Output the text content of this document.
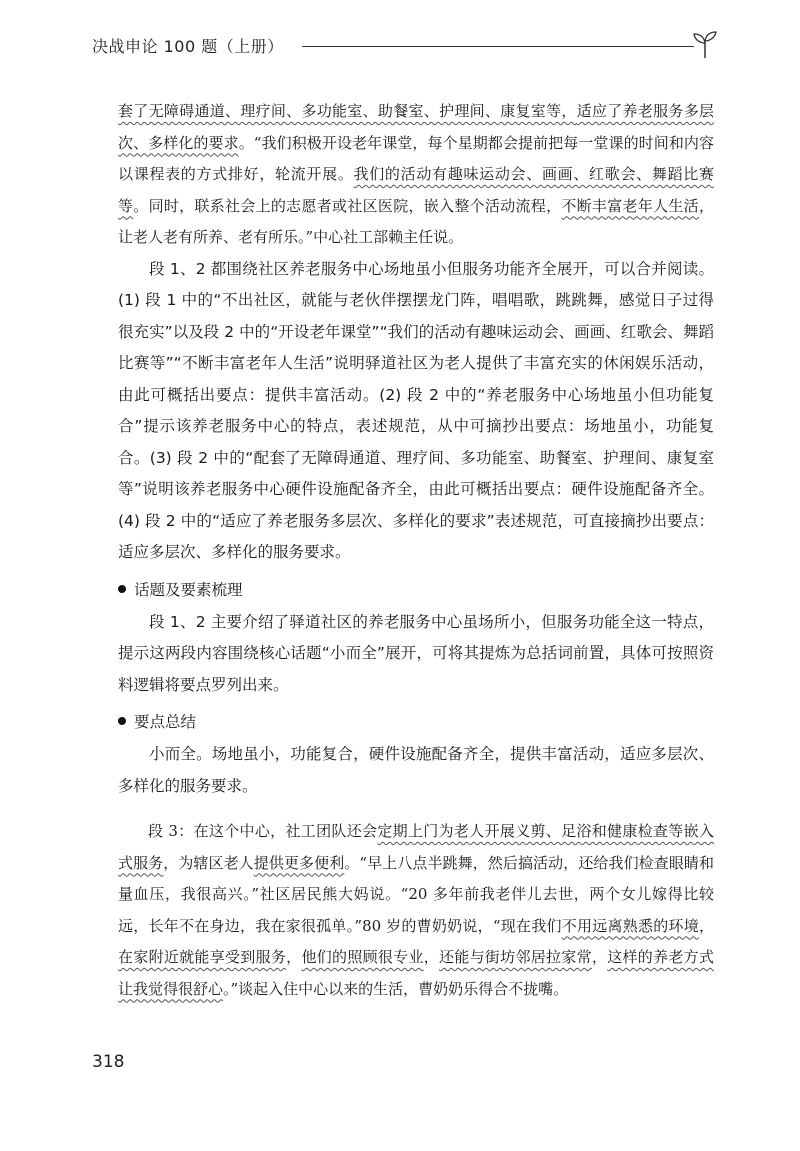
决战申论 100 题（上册）

套了无障碍通道、理疗间、多功能室、助餐室、护理间、康复室等，适应了养老服务多层次、多样化的要求。“我们积极开设老年课堂，每个星期都会提前把每一堂课的时间和内容以课程表的方式排好，轮流开展。我们的活动有趣味运动会、画画、红歌会、舞蹈比赛等。同时，联系社会上的志愿者或社区医院，嵌入整个活动流程，不断丰富老年人生活，让老人老有所养、老有所乐。”中心社工部赖主任说。

段 1、2 都围绕社区养老服务中心场地虽小但服务功能齐全展开，可以合并阅读。(1) 段 1 中的“不出社区，就能与老伙伴摆摆龙门阵，唱唱歌，跳跳舞，感觉日子过得很充实”以及段 2 中的“开设老年课堂”“我们的活动有趣味运动会、画画、红歌会、舞蹈比赛等”“不断丰富老年人生活”说明驿道社区为老人提供了丰富充实的休闲娱乐活动，由此可概括出要点：提供丰富活动。(2) 段 2 中的“养老服务中心场地虽小但功能复合”提示该养老服务中心的特点，表述规范，从中可摘抄出要点：场地虽小，功能复合。(3) 段 2 中的“配套了无障碍通道、理疗间、多功能室、助餐室、护理间、康复室等”说明该养老服务中心硬件设施配备齐全，由此可概括出要点：硬件设施配备齐全。(4) 段 2 中的“适应了养老服务多层次、多样化的要求”表述规范，可直接摘抄出要点：适应多层次、多样化的服务要求。

话题及要素梳理

段 1、2 主要介绍了驿道社区的养老服务中心虽场所小，但服务功能全这一特点，提示这两段内容围绕核心话题“小而全”展开，可将其提炼为总括词前置，具体可按照资料逻辑将要点罗列出来。

要点总结

小而全。场地虽小，功能复合，硬件设施配备齐全，提供丰富活动，适应多层次、多样化的服务要求。

段 3：在这个中心，社工团队还会定期上门为老人开展义剪、足浴和健康检查等嵌入式服务，为辖区老人提供更多便利。“早上八点半跳舞，然后搞活动，还给我们检查眼睛和量血压，我很高兴。”社区居民熊大妈说。“20 多年前我老伴儿去世，两个女儿嫁得比较远，长年不在身边，我在家很孤单。”80 岁的曹奶奶说，“现在我们不用远离熟悉的环境，在家附近就能享受到服务，他们的照顾很专业，还能与街坊邻居拉家常，这样的养老方式让我觉得很舒心。”谈起入住中心以来的生活，曹奶奶乐得合不拢嘴。

318
